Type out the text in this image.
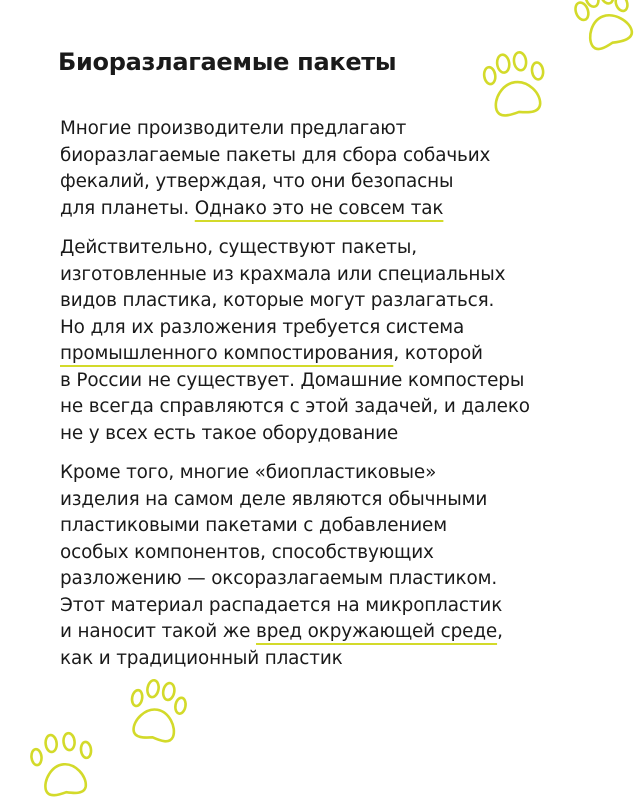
Биоразлагаемые пакеты

Многие производители предлагают
биоразлагаемые пакеты для сбора собачьих
фекалий, утверждая, что они безопасны
для планеты. Однако это не совсем так

Действительно, существуют пакеты,
изготовленные из крахмала или специальных
видов пластика, которые могут разлагаться.
Но для их разложения требуется система
промышленного компостирования, которой
в России не существует. Домашние компостеры
не всегда справляются с этой задачей, и далеко
не у всех есть такое оборудование

Кроме того, многие «биопластиковые»
изделия на самом деле являются обычными
пластиковыми пакетами с добавлением
особых компонентов, способствующих
разложению — оксоразлагаемым пластиком.
Этот материал распадается на микропластик
и наносит такой же вред окружающей среде,
как и традиционный пластик
